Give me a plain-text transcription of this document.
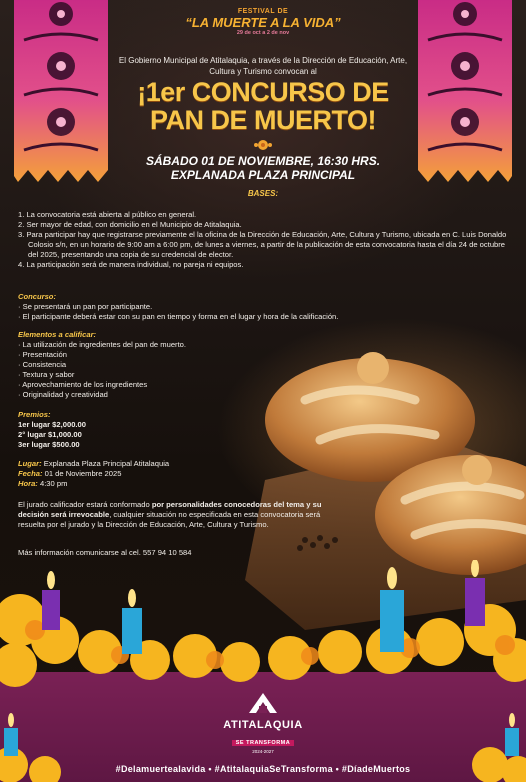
FESTIVAL DE
“LA MUERTE A LA VIDA”
29 de oct a 2 de nov
El Gobierno Municipal de Atitalaquia, a través de la Dirección de Educación, Arte, Cultura y Turismo convocan al
¡1er CONCURSO DE
PAN DE MUERTO!
SÁBADO 01 DE NOVIEMBRE, 16:30 HRS.
EXPLANADA PLAZA PRINCIPAL
BASES:
1. La convocatoria está abierta al público en general.
2. Ser mayor de edad, con domicilio en el Municipio de Atitalaquia.
3. Para participar hay que registrarse previamente el la oficina de la Dirección de Educación, Arte, Cultura y Turismo, ubicada en C. Luis Donaldo Colosio s/n, en un horario de 9:00 am a 6:00 pm, de lunes a viernes, a partir de la publicación de esta convocatoria hasta el día 24 de octubre del 2025, presentando una copia de su credencial de elector.
4. La participación será de manera individual, no pareja ni equipos.
Concurso:
· Se presentará un pan por participante.
· El participante deberá estar con su pan en tiempo y forma en el lugar y hora de la calificación.
Elementos a calificar:
· La utilización de ingredientes del pan de muerto.
· Presentación
· Consistencia
· Textura y sabor
· Aprovechamiento de los ingredientes
· Originalidad y creatividad
Premios:
1er lugar $2,000.00
2° lugar $1,000.00
3er lugar $500.00
Lugar: Explanada Plaza Principal Atitalaquia
Fecha: 01 de Noviembre 2025
Hora: 4:30 pm
El jurado calificador estará conformado por personalidades conocedoras del tema y su decisión será irrevocable, cualquier situación no especificada en esta convocatoria será resuelta por el jurado y la Dirección de Educación, Arte, Cultura y Turismo.
Más información comunicarse al cel. 557 94 10 584
ATITALAQUIA
SE TRANSFORMA
2024-2027
#Delamuertealavida • #AtitalaquiaSeTransforma • #DíadeMuertos
